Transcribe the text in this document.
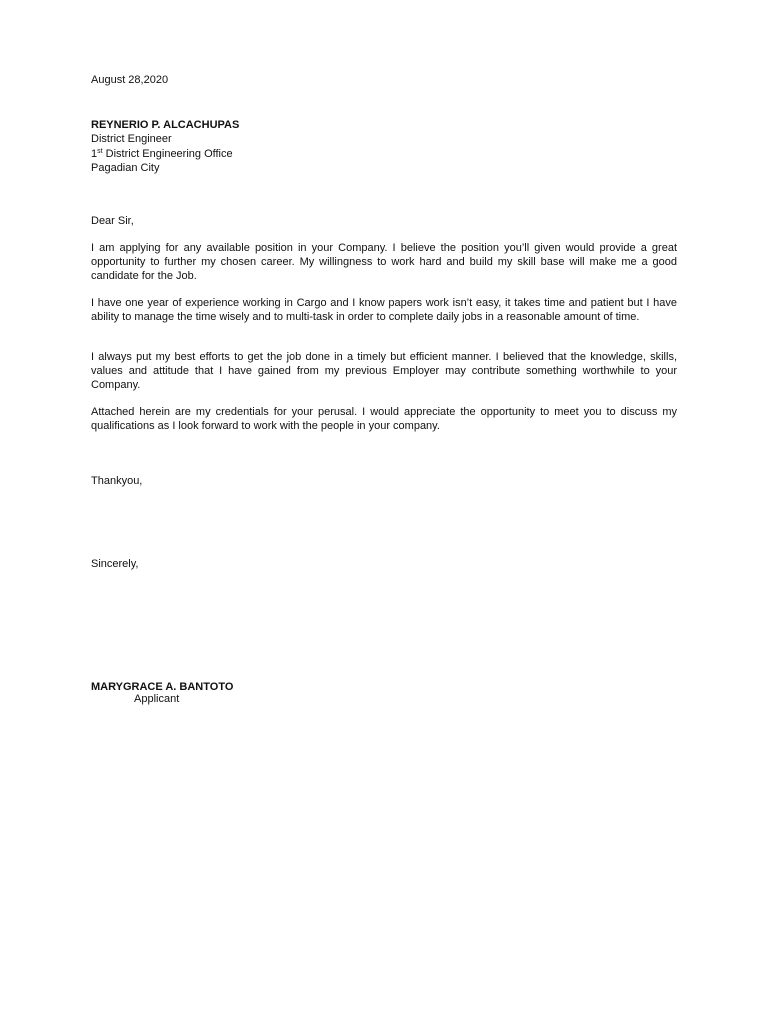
August 28,2020

REYNERIO P. ALCACHUPAS
District Engineer
1st District Engineering Office
Pagadian City

Dear Sir,

I am applying for any available position in your Company. I believe the position you’ll given would provide a great opportunity to further my chosen career. My willingness to work hard and build my skill base will make me a good candidate for the Job.

I have one year of experience working in Cargo and I know papers work isn’t easy, it takes time and patient but I have ability to manage the time wisely and to multi-task in order to complete daily jobs in a reasonable amount of time.

I always put my best efforts to get the job done in a timely but efficient manner. I believed that the knowledge, skills, values and attitude that I have gained from my previous Employer may contribute something worthwhile to your Company.

Attached herein are my credentials for your perusal. I would appreciate the opportunity to meet you to discuss my qualifications as I look forward to work with the people in your company.

Thankyou,

Sincerely,

MARYGRACE A. BANTOTO

Applicant
